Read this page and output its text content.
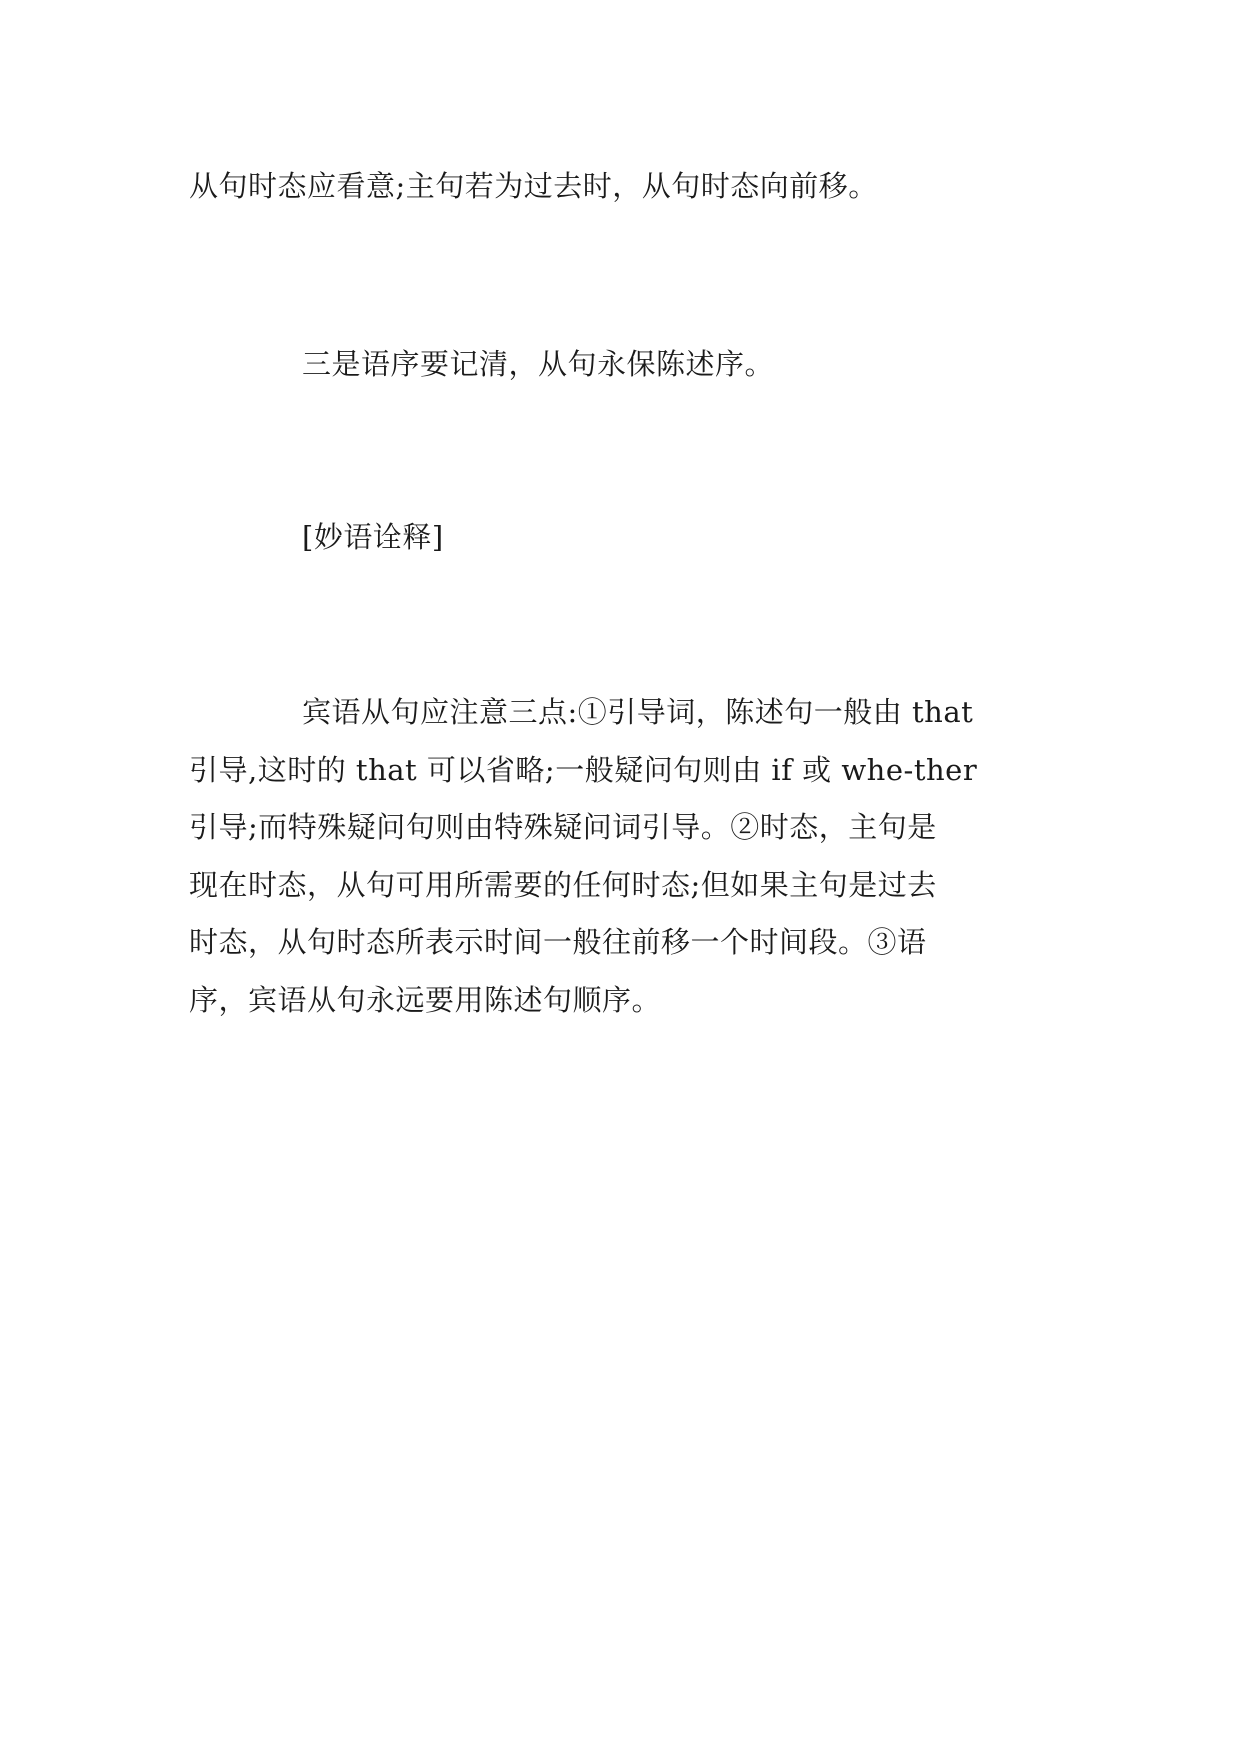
从句时态应看意;主句若为过去时，从句时态向前移。

三是语序要记清，从句永保陈述序。

[妙语诠释]

宾语从句应注意三点:①引导词，陈述句一般由 that
引导,这时的 that 可以省略;一般疑问句则由 if 或 whe-ther
引导;而特殊疑问句则由特殊疑问词引导。②时态，主句是
现在时态，从句可用所需要的任何时态;但如果主句是过去
时态，从句时态所表示时间一般往前移一个时间段。③语
序，宾语从句永远要用陈述句顺序。
